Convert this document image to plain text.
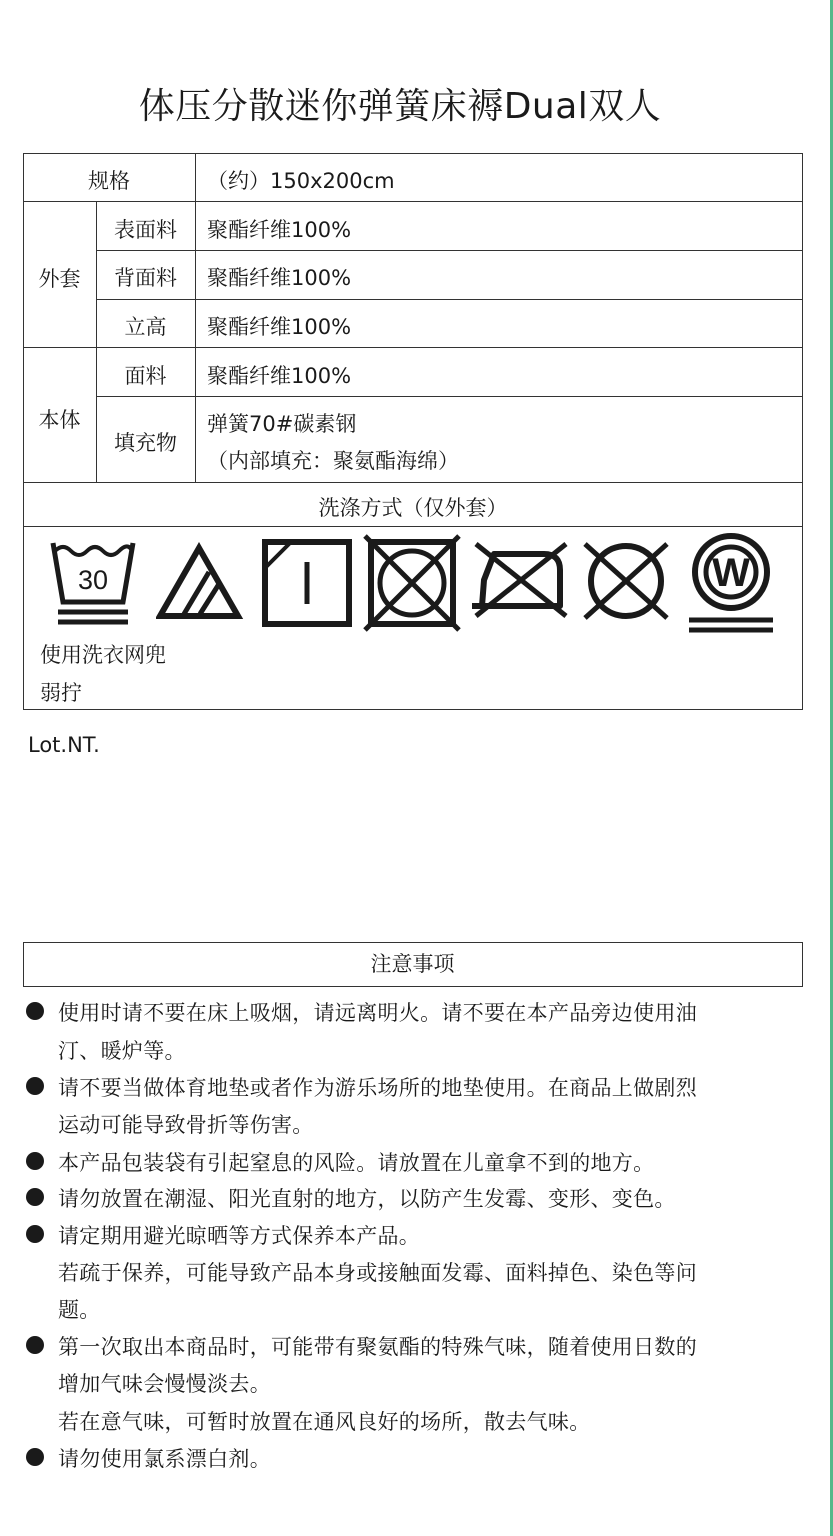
体压分散迷你弹簧床褥Dual双人
规格	（约）150x200cm
外套
表面料	聚酯纤维100%
背面料	聚酯纤维100%
立高	聚酯纤维100%
本体
面料	聚酯纤维100%
填充物
弹簧70#碳素钢
（内部填充：聚氨酯海绵）
洗涤方式（仅外套）
30	W
使用洗衣网兜
弱拧
Lot.NT.
注意事项
使用时请不要在床上吸烟，请远离明火。请不要在本产品旁边使用油
汀、暖炉等。
请不要当做体育地垫或者作为游乐场所的地垫使用。在商品上做剧烈
运动可能导致骨折等伤害。
本产品包装袋有引起窒息的风险。请放置在儿童拿不到的地方。
请勿放置在潮湿、阳光直射的地方，以防产生发霉、变形、变色。
请定期用避光晾晒等方式保养本产品。
若疏于保养，可能导致产品本身或接触面发霉、面料掉色、染色等问
题。
第一次取出本商品时，可能带有聚氨酯的特殊气味，随着使用日数的
增加气味会慢慢淡去。
若在意气味，可暂时放置在通风良好的场所，散去气味。
请勿使用氯系漂白剂。
